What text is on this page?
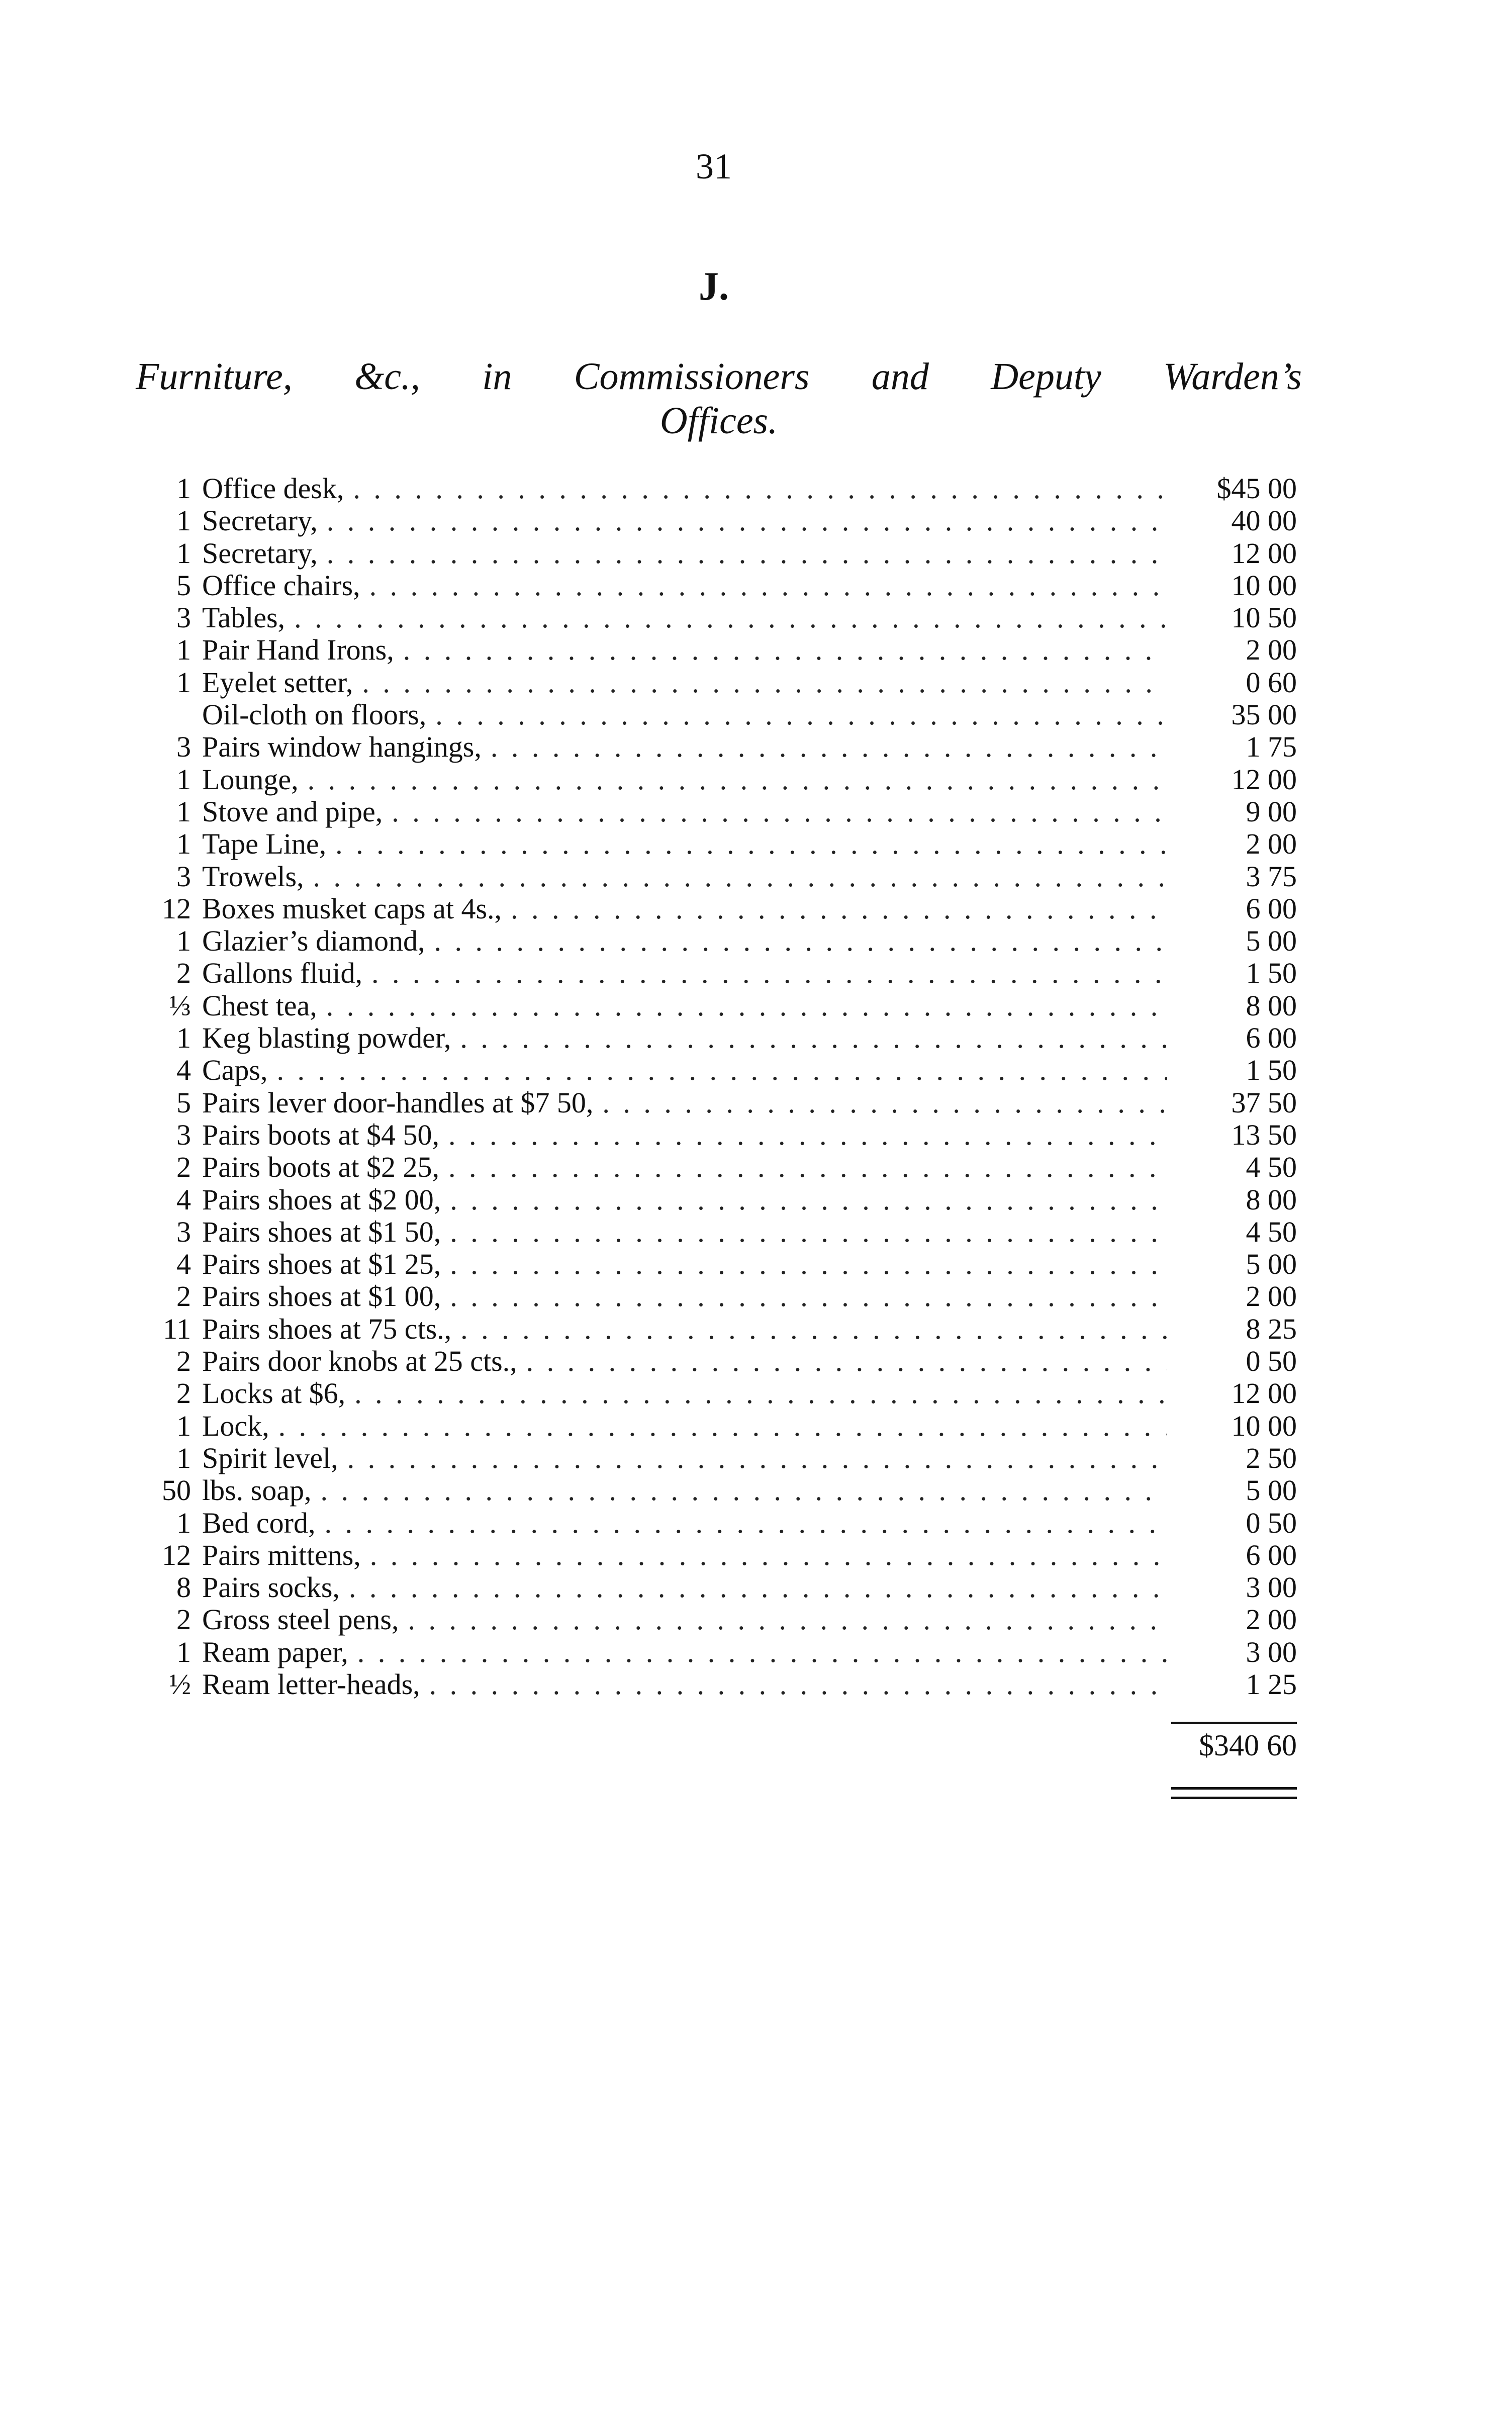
31
J.
Furniture, &c., in Commissioners and Deputy Warden’s
Offices.
1 Office desk, . . .	$45 00
1 Secretary, . . .	40 00
1 Secretary, . . .	12 00
5 Office chairs, . . .	10 00
3 Tables, . . .	10 50
1 Pair Hand Irons, . . .	2 00
1 Eyelet setter, . . .	0 60
Oil-cloth on floors, . . .	35 00
3 Pairs window hangings, . . .	1 75
1 Lounge, . . .	12 00
1 Stove and pipe, . . .	9 00
1 Tape Line, . . .	2 00
3 Trowels, . . .	3 75
12 Boxes musket caps at 4s., . . .	6 00
1 Glazier’s diamond, . . .	5 00
2 Gallons fluid, . . .	1 50
⅓ Chest tea, . . .	8 00
1 Keg blasting powder, . . .	6 00
4 Caps, . . .	1 50
5 Pairs lever door-handles at $7 50, . . .	37 50
3 Pairs boots at $4 50, . . .	13 50
2 Pairs boots at $2 25, . . .	4 50
4 Pairs shoes at $2 00, . . .	8 00
3 Pairs shoes at $1 50, . . .	4 50
4 Pairs shoes at $1 25, . . .	5 00
2 Pairs shoes at $1 00, . . .	2 00
11 Pairs shoes at 75 cts., . . .	8 25
2 Pairs door knobs at 25 cts., . . .	0 50
2 Locks at $6, . . .	12 00
1 Lock, . . .	10 00
1 Spirit level, . . .	2 50
50 lbs. soap, . . .	5 00
1 Bed cord, . . .	0 50
12 Pairs mittens, . . .	6 00
8 Pairs socks, . . .	3 00
2 Gross steel pens, . . .	2 00
1 Ream paper, . . .	3 00
½ Ream letter-heads, . . .	1 25
$340 60
